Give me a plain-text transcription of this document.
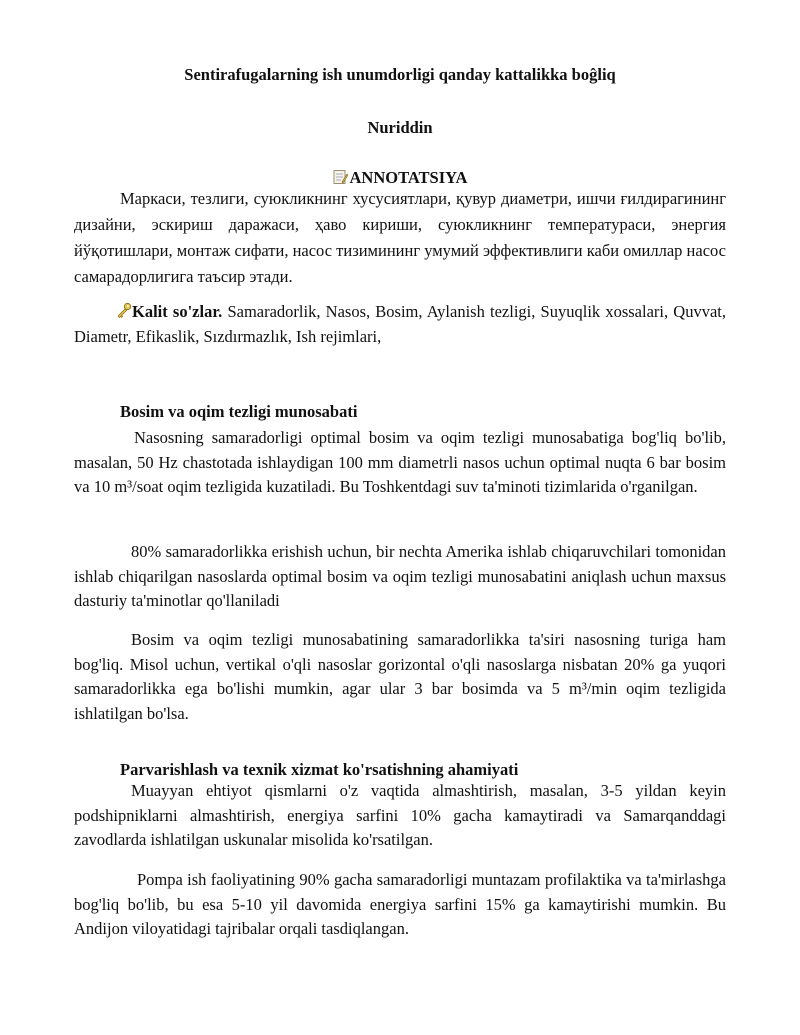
Sentirafugalarning ish unumdorligi qanday kattalikka boĝliq
Nuriddin
ANNOTATSIYA
Маркаси, тезлиги, суюкликнинг хусусиятлари, қувур диаметри, ишчи ғилдирагининг дизайни, эскириш даражаси, ҳаво кириши, суюкликнинг температураси, энергия йўқотишлари, монтаж сифати, насос тизимининг умумий эффективлиги каби омиллар насос самарадорлигига таъсир этади.
Kalit so'zlar. Samaradorlik, Nasos, Bosim, Aylanish tezligi, Suyuqlik xossalari, Quvvat, Diametr, Efikaslik, Sızdırmazlık, Ish rejimlari,
Bosim va oqim tezligi munosabati
Nasosning samaradorligi optimal bosim va oqim tezligi munosabatiga bog'liq bo'lib, masalan, 50 Hz chastotada ishlaydigan 100 mm diametrli nasos uchun optimal nuqta 6 bar bosim va 10 m³/soat oqim tezligida kuzatiladi. Bu Toshkentdagi suv ta'minoti tizimlarida o'rganilgan.
80% samaradorlikka erishish uchun, bir nechta Amerika ishlab chiqaruvchilari tomonidan ishlab chiqarilgan nasoslarda optimal bosim va oqim tezligi munosabatini aniqlash uchun maxsus dasturiy ta'minotlar qo'llaniladi
Bosim va oqim tezligi munosabatining samaradorlikka ta'siri nasosning turiga ham bog'liq. Misol uchun, vertikal o'qli nasoslar gorizontal o'qli nasoslarga nisbatan 20% ga yuqori samaradorlikka ega bo'lishi mumkin, agar ular 3 bar bosimda va 5 m³/min oqim tezligida ishlatilgan bo'lsa.
Parvarishlash va texnik xizmat ko'rsatishning ahamiyati
Muayyan ehtiyot qismlarni o'z vaqtida almashtirish, masalan, 3-5 yildan keyin podshipniklarni almashtirish, energiya sarfini 10% gacha kamaytiradi va Samarqanddagi zavodlarda ishlatilgan uskunalar misolida ko'rsatilgan.
Pompa ish faoliyatining 90% gacha samaradorligi muntazam profilaktika va ta'mirlashga bog'liq bo'lib, bu esa 5-10 yil davomida energiya sarfini 15% ga kamaytirishi mumkin. Bu Andijon viloyatidagi tajribalar orqali tasdiqlangan.
